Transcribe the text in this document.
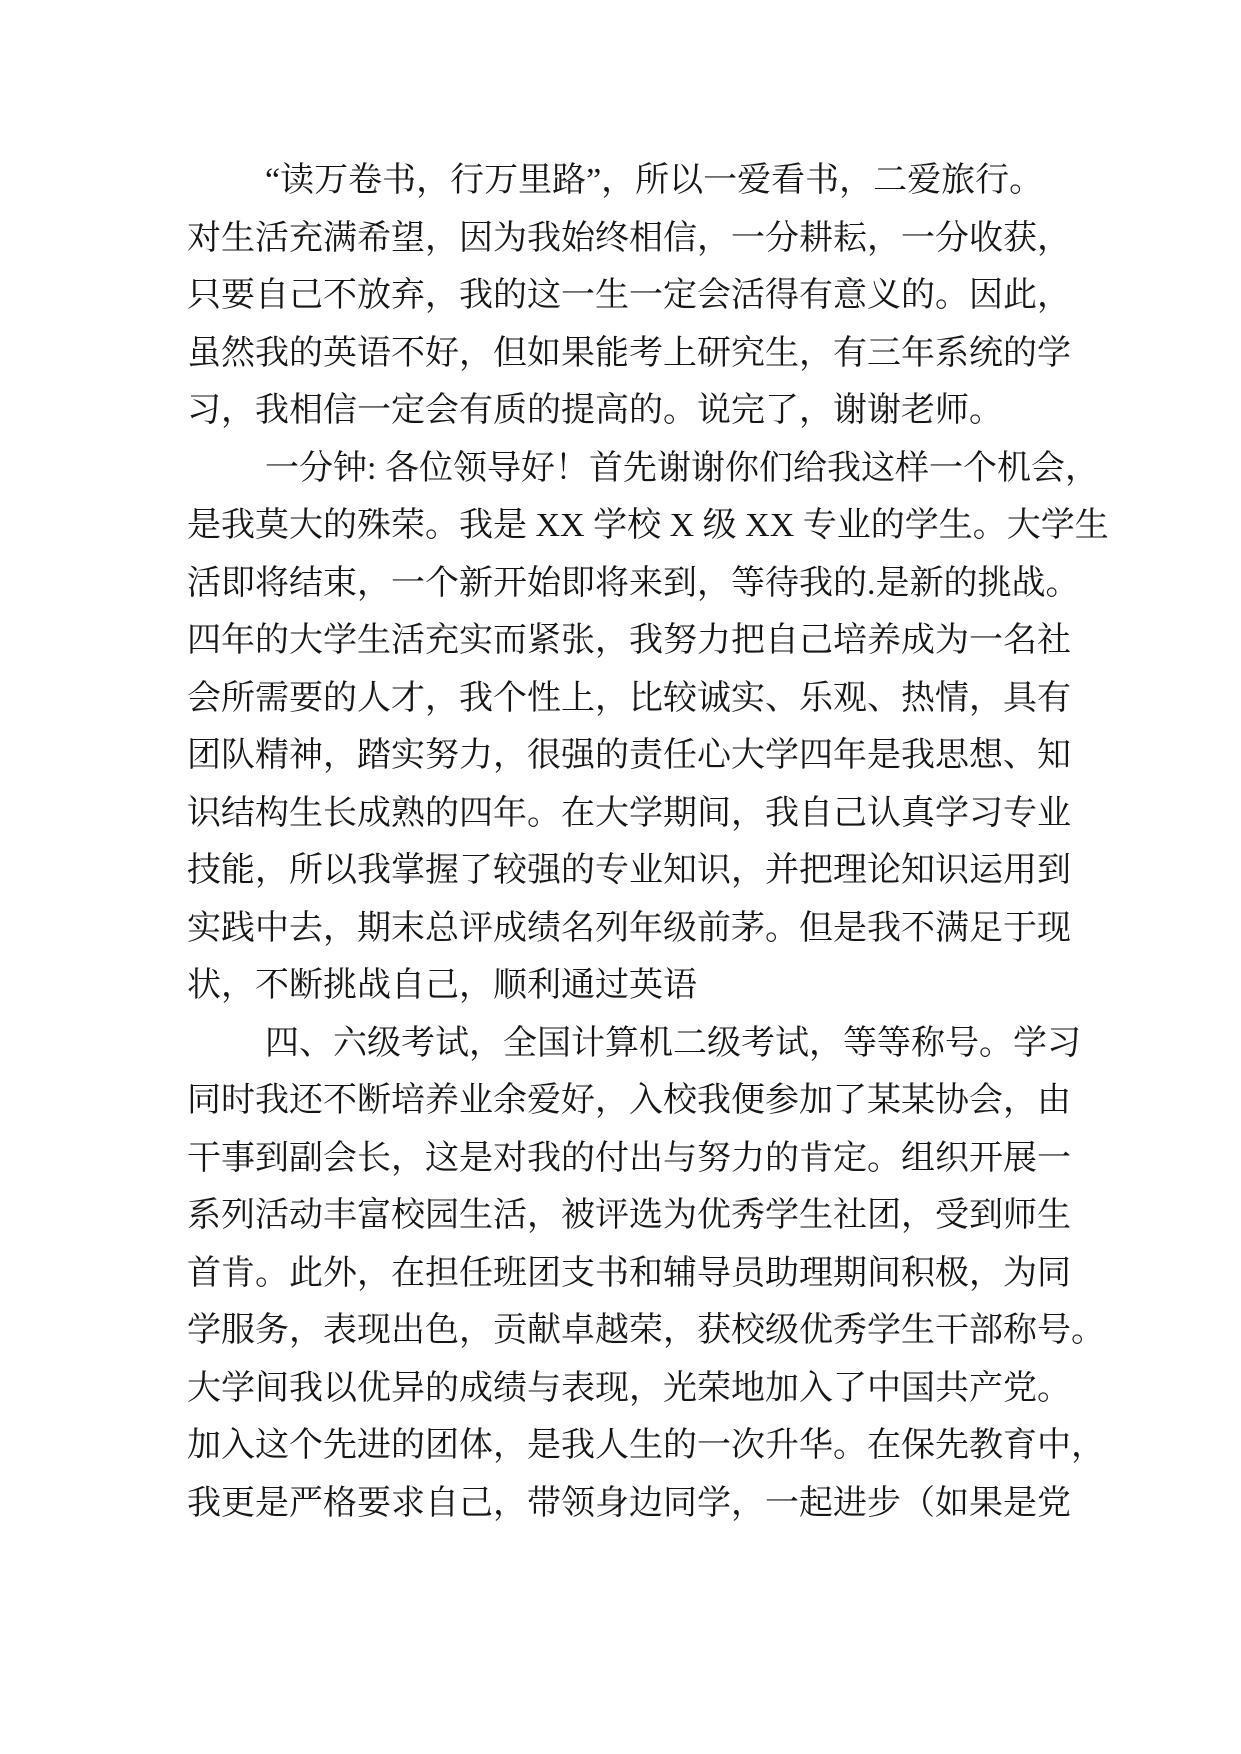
“读万卷书，行万里路”，所以一爱看书，二爱旅行。
对生活充满希望，因为我始终相信，一分耕耘，一分收获，
只要自己不放弃，我的这一生一定会活得有意义的。因此，
虽然我的英语不好，但如果能考上研究生，有三年系统的学
习，我相信一定会有质的提高的。说完了，谢谢老师。
一分钟: 各位领导好！首先谢谢你们给我这样一个机会，
是我莫大的殊荣。我是 XX 学校 X 级 XX 专业的学生。大学生
活即将结束，一个新开始即将来到，等待我的.是新的挑战。
四年的大学生活充实而紧张，我努力把自己培养成为一名社
会所需要的人才，我个性上，比较诚实、乐观、热情，具有
团队精神，踏实努力，很强的责任心大学四年是我思想、知
识结构生长成熟的四年。在大学期间，我自己认真学习专业
技能，所以我掌握了较强的专业知识，并把理论知识运用到
实践中去，期末总评成绩名列年级前茅。但是我不满足于现
状，不断挑战自己，顺利通过英语
四、六级考试，全国计算机二级考试，等等称号。学习
同时我还不断培养业余爱好，入校我便参加了某某协会，由
干事到副会长，这是对我的付出与努力的肯定。组织开展一
系列活动丰富校园生活，被评选为优秀学生社团，受到师生
首肯。此外，在担任班团支书和辅导员助理期间积极，为同
学服务，表现出色，贡献卓越荣，获校级优秀学生干部称号。
大学间我以优异的成绩与表现，光荣地加入了中国共产党。
加入这个先进的团体，是我人生的一次升华。在保先教育中，
我更是严格要求自己，带领身边同学，一起进步（如果是党
